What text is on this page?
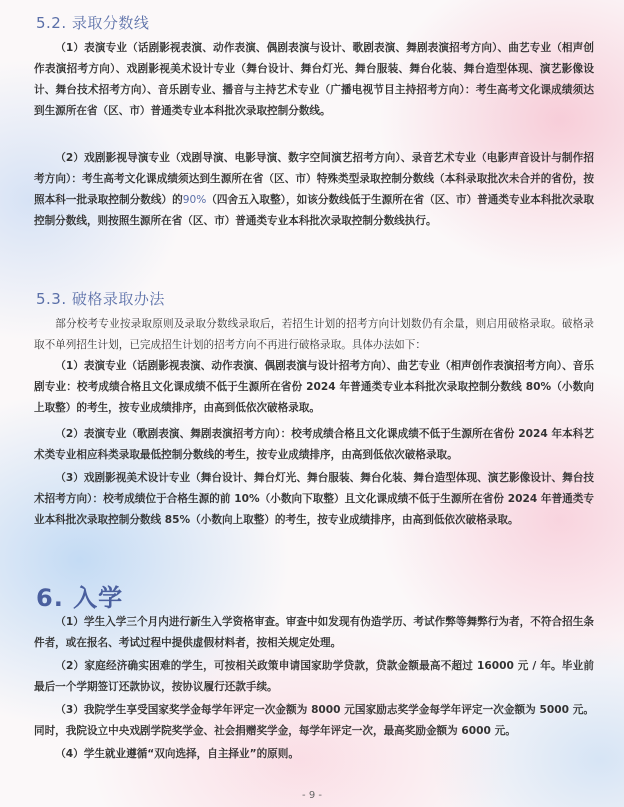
5.2. 录取分数线

（1）表演专业（话剧影视表演、动作表演、偶剧表演与设计、歌剧表演、舞剧表演招考方向）、曲艺专业（相声创作表演招考方向）、戏剧影视美术设计专业（舞台设计、舞台灯光、舞台服装、舞台化装、舞台造型体现、演艺影像设计、舞台技术招考方向）、音乐剧专业、播音与主持艺术专业（广播电视节目主持招考方向）：考生高考文化课成绩须达到生源所在省（区、市）普通类专业本科批次录取控制分数线。

（2）戏剧影视导演专业（戏剧导演、电影导演、数字空间演艺招考方向）、录音艺术专业（电影声音设计与制作招考方向）：考生高考文化课成绩须达到生源所在省（区、市）特殊类型录取控制分数线（本科录取批次未合并的省份，按照本科一批录取控制分数线）的90%（四舍五入取整），如该分数线低于生源所在省（区、市）普通类专业本科批次录取控制分数线，则按照生源所在省（区、市）普通类专业本科批次录取控制分数线执行。

5.3. 破格录取办法

部分校考专业按录取原则及录取分数线录取后，若招生计划的招考方向计划数仍有余量，则启用破格录取。破格录取不单列招生计划，已完成招生计划的招考方向不再进行破格录取。具体办法如下：

（1）表演专业（话剧影视表演、动作表演、偶剧表演与设计招考方向）、曲艺专业（相声创作表演招考方向）、音乐剧专业：校考成绩合格且文化课成绩不低于生源所在省份 2024 年普通类专业本科批次录取控制分数线 80%（小数向上取整）的考生，按专业成绩排序，由高到低依次破格录取。

（2）表演专业（歌剧表演、舞剧表演招考方向）：校考成绩合格且文化课成绩不低于生源所在省份 2024 年本科艺术类专业相应科类录取最低控制分数线的考生，按专业成绩排序，由高到低依次破格录取。

（3）戏剧影视美术设计专业（舞台设计、舞台灯光、舞台服装、舞台化装、舞台造型体现、演艺影像设计、舞台技术招考方向）：校考成绩位于合格生源的前 10%（小数向下取整）且文化课成绩不低于生源所在省份 2024 年普通类专业本科批次录取控制分数线 85%（小数向上取整）的考生，按专业成绩排序，由高到低依次破格录取。

6. 入学

（1）学生入学三个月内进行新生入学资格审查。审查中如发现有伪造学历、考试作弊等舞弊行为者，不符合招生条件者，或在报名、考试过程中提供虚假材料者，按相关规定处理。

（2）家庭经济确实困难的学生，可按相关政策申请国家助学贷款，贷款金额最高不超过 16000 元 / 年。毕业前最后一个学期签订还款协议，按协议履行还款手续。

（3）我院学生享受国家奖学金每学年评定一次金额为 8000 元国家励志奖学金每学年评定一次金额为 5000 元。同时，我院设立中央戏剧学院奖学金、社会捐赠奖学金，每学年评定一次，最高奖励金额为 6000 元。

（4）学生就业遵循“双向选择，自主择业”的原则。

- 9 -
